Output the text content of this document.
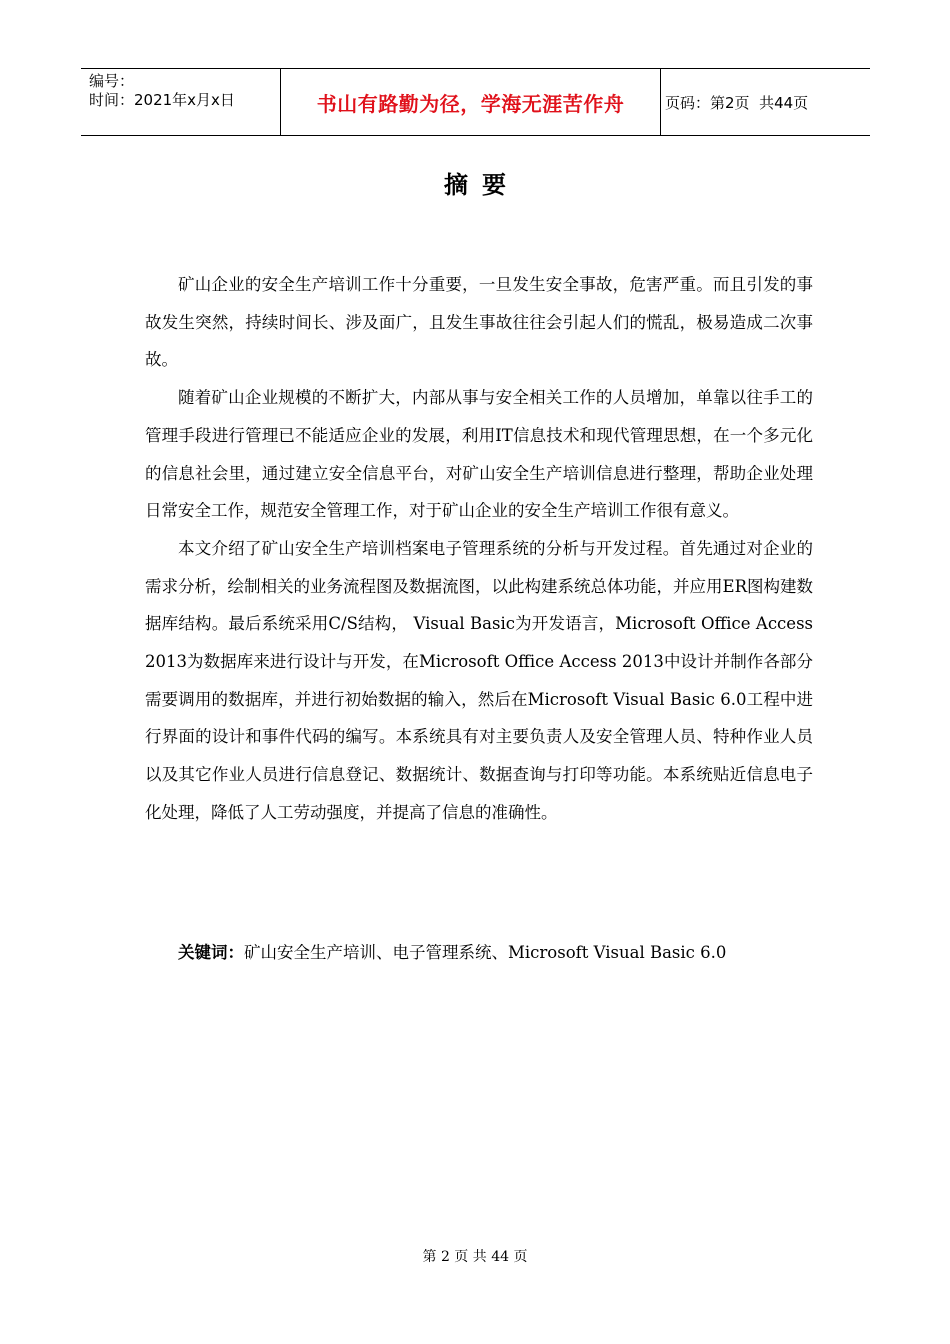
编号：
时间：2021年x月x日	书山有路勤为径，学海无涯苦作舟	页码：第2页  共44页
摘要

矿山企业的安全生产培训工作十分重要，一旦发生安全事故，危害严重。而且引发的事故发生突然，持续时间长、涉及面广，且发生事故往往会引起人们的慌乱，极易造成二次事故。

随着矿山企业规模的不断扩大，内部从事与安全相关工作的人员增加，单靠以往手工的管理手段进行管理已不能适应企业的发展，利用IT信息技术和现代管理思想，在一个多元化的信息社会里，通过建立安全信息平台，对矿山安全生产培训信息进行整理，帮助企业处理日常安全工作，规范安全管理工作，对于矿山企业的安全生产培训工作很有意义。

本文介绍了矿山安全生产培训档案电子管理系统的分析与开发过程。首先通过对企业的需求分析，绘制相关的业务流程图及数据流图，以此构建系统总体功能，并应用ER图构建数据库结构。最后系统采用C/S结构， Visual Basic为开发语言，Microsoft Office Access 2013为数据库来进行设计与开发，在Microsoft Office Access 2013中设计并制作各部分需要调用的数据库，并进行初始数据的输入，然后在Microsoft Visual Basic 6.0工程中进行界面的设计和事件代码的编写。本系统具有对主要负责人及安全管理人员、特种作业人员以及其它作业人员进行信息登记、数据统计、数据查询与打印等功能。本系统贴近信息电子化处理，降低了人工劳动强度，并提高了信息的准确性。

关键词：矿山安全生产培训、电子管理系统、Microsoft Visual Basic 6.0
第 2 页 共 44 页
